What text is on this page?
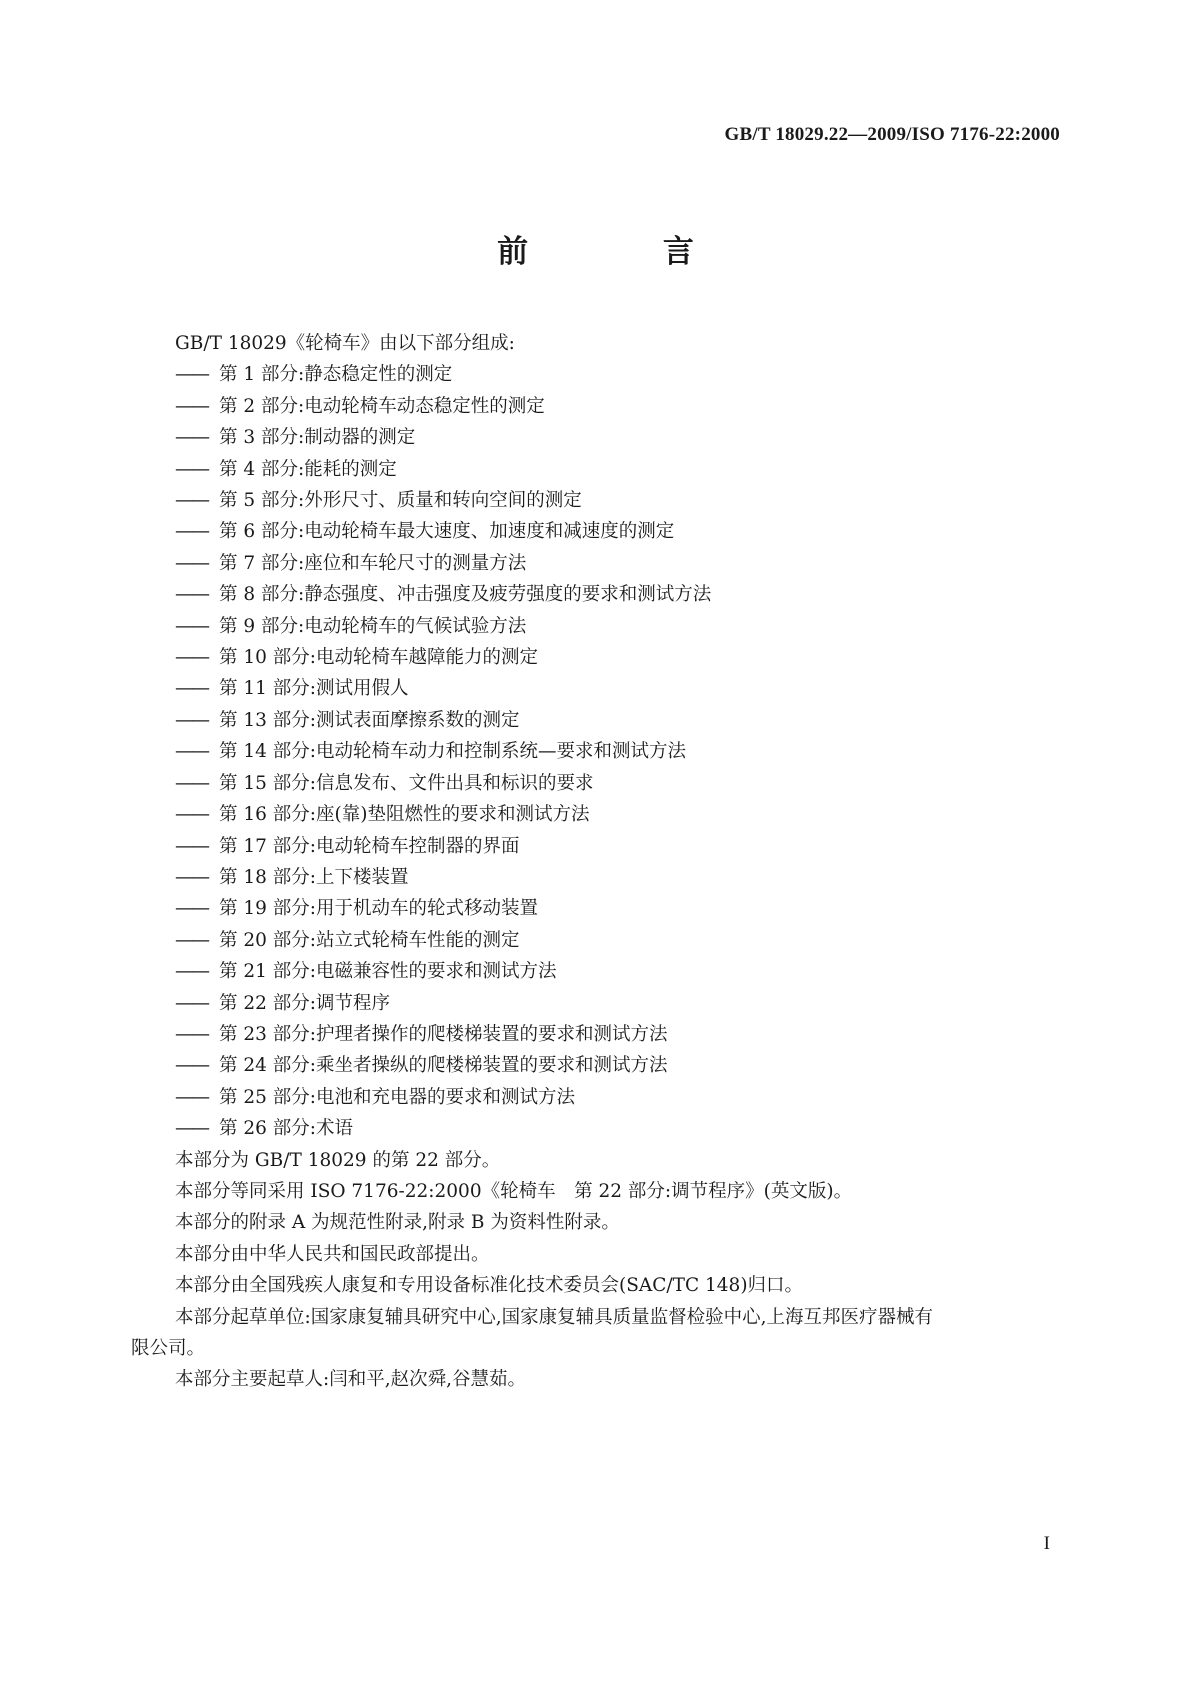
GB/T 18029.22—2009/ISO 7176-22:2000
前 言
GB/T 18029《轮椅车》由以下部分组成:
—— 第 1 部分:静态稳定性的测定
—— 第 2 部分:电动轮椅车动态稳定性的测定
—— 第 3 部分:制动器的测定
—— 第 4 部分:能耗的测定
—— 第 5 部分:外形尺寸、质量和转向空间的测定
—— 第 6 部分:电动轮椅车最大速度、加速度和减速度的测定
—— 第 7 部分:座位和车轮尺寸的测量方法
—— 第 8 部分:静态强度、冲击强度及疲劳强度的要求和测试方法
—— 第 9 部分:电动轮椅车的气候试验方法
—— 第 10 部分:电动轮椅车越障能力的测定
—— 第 11 部分:测试用假人
—— 第 13 部分:测试表面摩擦系数的测定
—— 第 14 部分:电动轮椅车动力和控制系统—要求和测试方法
—— 第 15 部分:信息发布、文件出具和标识的要求
—— 第 16 部分:座(靠)垫阻燃性的要求和测试方法
—— 第 17 部分:电动轮椅车控制器的界面
—— 第 18 部分:上下楼装置
—— 第 19 部分:用于机动车的轮式移动装置
—— 第 20 部分:站立式轮椅车性能的测定
—— 第 21 部分:电磁兼容性的要求和测试方法
—— 第 22 部分:调节程序
—— 第 23 部分:护理者操作的爬楼梯装置的要求和测试方法
—— 第 24 部分:乘坐者操纵的爬楼梯装置的要求和测试方法
—— 第 25 部分:电池和充电器的要求和测试方法
—— 第 26 部分:术语
本部分为 GB/T 18029 的第 22 部分。
本部分等同采用 ISO 7176-22:2000《轮椅车　第 22 部分:调节程序》(英文版)。
本部分的附录 A 为规范性附录,附录 B 为资料性附录。
本部分由中华人民共和国民政部提出。
本部分由全国残疾人康复和专用设备标准化技术委员会(SAC/TC 148)归口。
本部分起草单位:国家康复辅具研究中心,国家康复辅具质量监督检验中心,上海互邦医疗器械有
限公司。
本部分主要起草人:闫和平,赵次舜,谷慧茹。
I
